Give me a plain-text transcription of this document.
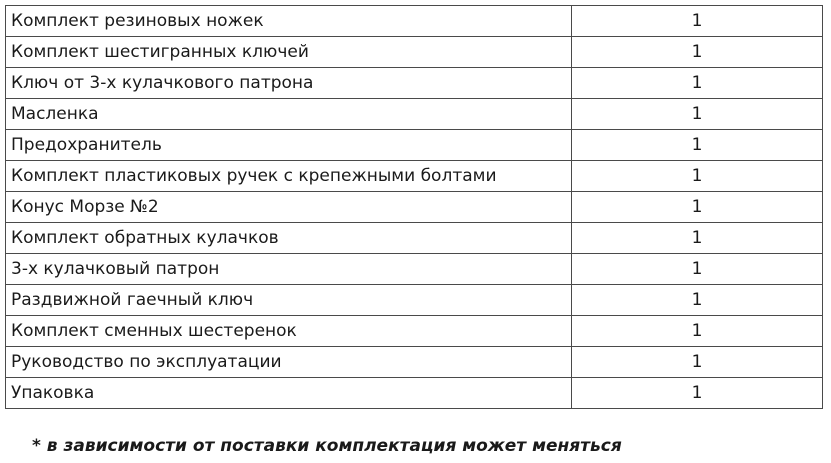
Комплект резиновых ножек	1
Комплект шестигранных ключей	1
Ключ от 3-х кулачкового патрона	1
Масленка	1
Предохранитель	1
Комплект пластиковых ручек с крепежными болтами	1
Конус Морзе №2	1
Комплект обратных кулачков	1
3-х кулачковый патрон	1
Раздвижной гаечный ключ	1
Комплект сменных шестеренок	1
Руководство по эксплуатации	1
Упаковка	1
* в зависимости от поставки комплектация может меняться
